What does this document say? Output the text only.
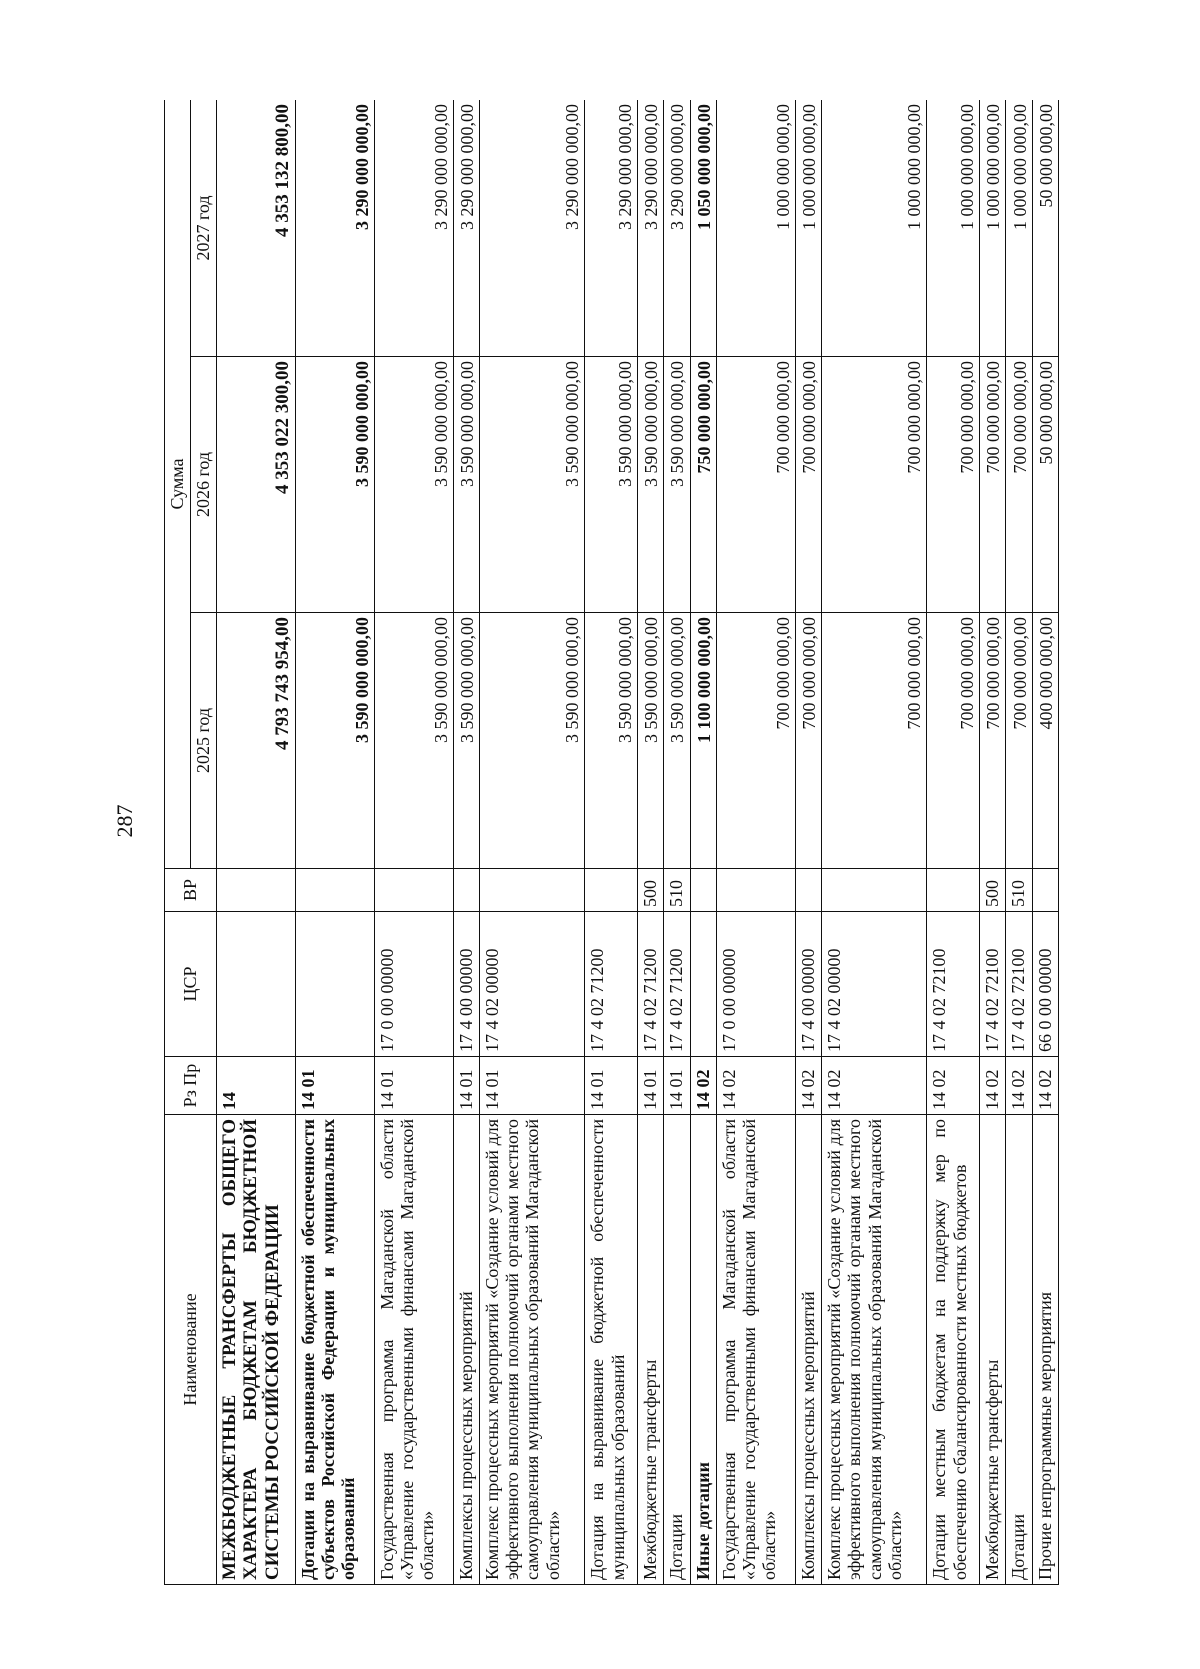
287
Наименование	Рз Пр	ЦСР	ВР	Сумма		
				2025 год	2026 год	2027 год
МЕЖБЮДЖЕТНЫЕ ТРАНСФЕРТЫ ОБЩЕГО ХАРАКТЕРА БЮДЖЕТАМ БЮДЖЕТНОЙ СИСТЕМЫ РОССИЙСКОЙ ФЕДЕРАЦИИ	14			4 793 743 954,00	4 353 022 300,00	4 353 132 800,00
Дотации на выравнивание бюджетной обеспеченности субъектов Российской Федерации и муниципальных образований	14 01			3 590 000 000,00	3 590 000 000,00	3 290 000 000,00
Государственная программа Магаданской области «Управление государственными финансами Магаданской области»	14 01	17 0 00 00000		3 590 000 000,00	3 590 000 000,00	3 290 000 000,00
Комплексы процессных мероприятий	14 01	17 4 00 00000		3 590 000 000,00	3 590 000 000,00	3 290 000 000,00
Комплекс процессных мероприятий «Создание условий для эффективного выполнения полномочий органами местного самоуправления муниципальных образований Магаданской области»	14 01	17 4 02 00000		3 590 000 000,00	3 590 000 000,00	3 290 000 000,00
Дотация на выравнивание бюджетной обеспеченности муниципальных образований	14 01	17 4 02 71200		3 590 000 000,00	3 590 000 000,00	3 290 000 000,00
Межбюджетные трансферты	14 01	17 4 02 71200	500	3 590 000 000,00	3 590 000 000,00	3 290 000 000,00
Дотации	14 01	17 4 02 71200	510	3 590 000 000,00	3 590 000 000,00	3 290 000 000,00
Иные дотации	14 02			1 100 000 000,00	750 000 000,00	1 050 000 000,00
Государственная программа Магаданской области «Управление государственными финансами Магаданской области»	14 02	17 0 00 00000		700 000 000,00	700 000 000,00	1 000 000 000,00
Комплексы процессных мероприятий	14 02	17 4 00 00000		700 000 000,00	700 000 000,00	1 000 000 000,00
Комплекс процессных мероприятий «Создание условий для эффективного выполнения полномочий органами местного самоуправления муниципальных образований Магаданской области»	14 02	17 4 02 00000		700 000 000,00	700 000 000,00	1 000 000 000,00
Дотации местным бюджетам на поддержку мер по обеспечению сбалансированности местных бюджетов	14 02	17 4 02 72100		700 000 000,00	700 000 000,00	1 000 000 000,00
Межбюджетные трансферты	14 02	17 4 02 72100	500	700 000 000,00	700 000 000,00	1 000 000 000,00
Дотации	14 02	17 4 02 72100	510	700 000 000,00	700 000 000,00	1 000 000 000,00
Прочие непрограммные мероприятия	14 02	66 0 00 00000		400 000 000,00	50 000 000,00	50 000 000,00
